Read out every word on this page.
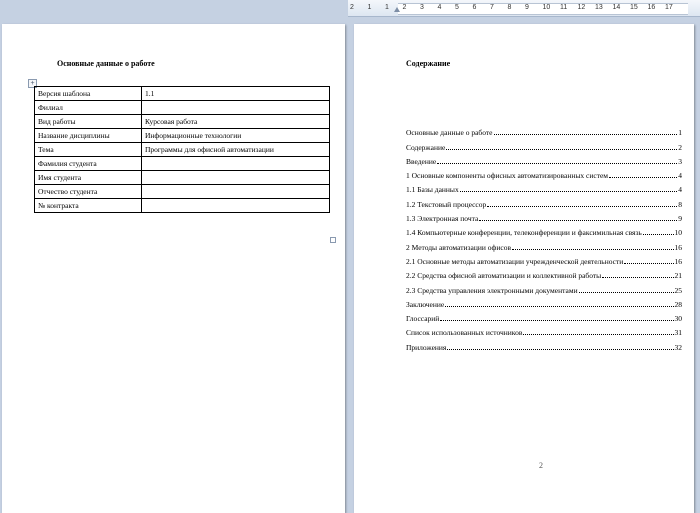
2 1 1 2 3 4 5 6 7 8 9 10 11 12 13 14 15 16 17
Основные данные о работе
+
Версия шаблона	1.1
Филиал	
Вид работы	Курсовая работа
Название дисциплины	Информационные технологии
Тема	Программы для офисной автоматизации
Фамилия студента	
Имя студента	
Отчество студента	
№ контракта	
Содержание
Основные данные о работе	1
Содержание	2
Введение	3
1 Основные компоненты офисных автоматизированных систем	4
1.1 Базы данных	4
1.2 Текстовый процессор	8
1.3 Электронная почта	9
1.4 Компьютерные конференции, телеконференции и факсимильная связь	10
2 Методы автоматизации офисов	16
2.1 Основные методы автоматизации учрежденческой деятельности	16
2.2 Средства офисной автоматизации и коллективной работы	21
2.3 Средства управления электронными документами	25
Заключение	28
Глоссарий	30
Список использованных источников	31
Приложения	32
2
